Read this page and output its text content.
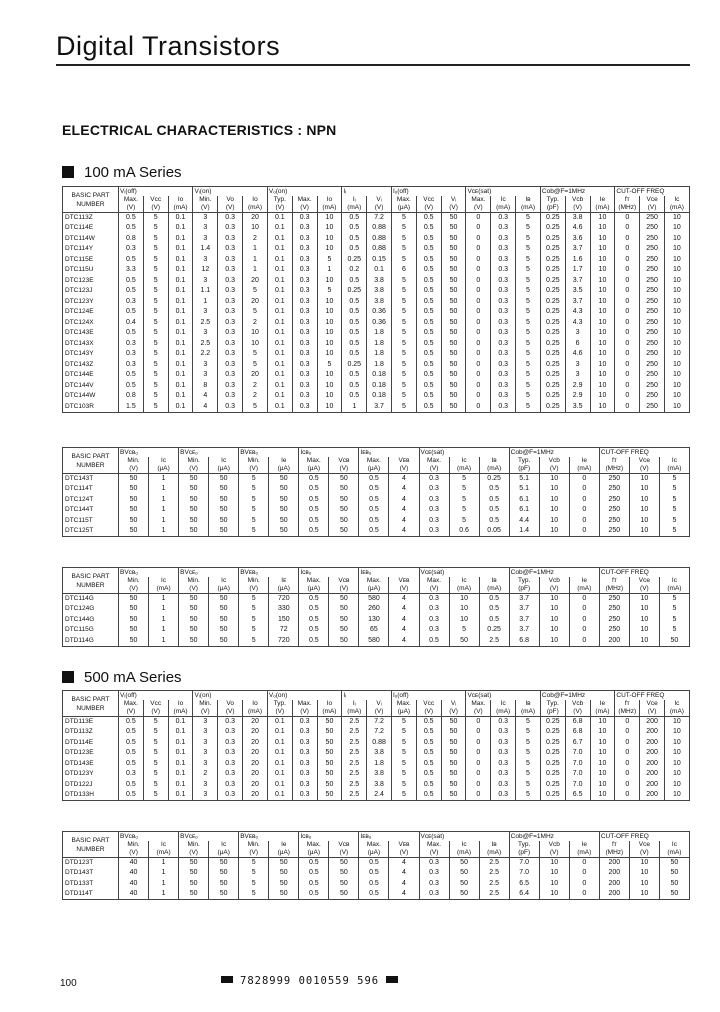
Digital Transistors
ELECTRICAL CHARACTERISTICS : NPN
100 mA Series
500 mA Series
BASIC PART NUMBER	Vᵢ(off)			Vᵢ(on)			Vₒ(on)			Iᵢ		Iₒ(off)			Vᴄᴇ(sat)			Cob@F=1MHz			CUT-OFF FREQ			
	Max.	Vcc	Io	Min.	Vo	Io	Typ.	Max.	Io	Iᵢ	Vᵢ	Max.	Vcc	Vᵢ	Max.	Ic	Iʙ	Typ.	Vcb	Ie	fᴛ	Vce	Ic	
	(V)	(V)	(mA)	(V)	(V)	(mA)	(V)	(V)	(mA)	(mA)	(V)	(μA)	(V)	(V)	(V)	(mA)	(mA)	(pF)	(V)	(mA)	(MHz)	(V)	(mA)	
DTC113Z	0.5	5	0.1	3	0.3	20	0.1	0.3	10	0.5	7.2	5	0.5	50	0	0.3	5	0.25	3.8	10	0	250	10	
DTC114E	0.5	5	0.1	3	0.3	10	0.1	0.3	10	0.5	0.88	5	0.5	50	0	0.3	5	0.25	4.6	10	0	250	10	
DTC114W	0.8	5	0.1	3	0.3	2	0.1	0.3	10	0.5	0.88	5	0.5	50	0	0.3	5	0.25	3.6	10	0	250	10	
DTC114Y	0.3	5	0.1	1.4	0.3	1	0.1	0.3	10	0.5	0.88	5	0.5	50	0	0.3	5	0.25	3.7	10	0	250	10	
DTC115E	0.5	5	0.1	3	0.3	1	0.1	0.3	5	0.25	0.15	5	0.5	50	0	0.3	5	0.25	1.6	10	0	250	10	
DTC115U	3.3	5	0.1	12	0.3	1	0.1	0.3	1	0.2	0.1	6	0.5	50	0	0.3	5	0.25	1.7	10	0	250	10	
DTC123E	0.5	5	0.1	3	0.3	20	0.1	0.3	10	0.5	3.8	5	0.5	50	0	0.3	5	0.25	3.7	10	0	250	10	
DTC123J	0.5	5	0.1	1.1	0.3	5	0.1	0.3	5	0.25	3.8	5	0.5	50	0	0.3	5	0.25	3.5	10	0	250	10	
DTC123Y	0.3	5	0.1	1	0.3	20	0.1	0.3	10	0.5	3.8	5	0.5	50	0	0.3	5	0.25	3.7	10	0	250	10	
DTC124E	0.5	5	0.1	3	0.3	5	0.1	0.3	10	0.5	0.36	5	0.5	50	0	0.3	5	0.25	4.3	10	0	250	10	
DTC124X	0.4	5	0.1	2.5	0.3	2	0.1	0.3	10	0.5	0.36	5	0.5	50	0	0.3	5	0.25	4.3	10	0	250	10	
DTC143E	0.5	5	0.1	3	0.3	10	0.1	0.3	10	0.5	1.8	5	0.5	50	0	0.3	5	0.25	3	10	0	250	10	
DTC143X	0.3	5	0.1	2.5	0.3	10	0.1	0.3	10	0.5	1.8	5	0.5	50	0	0.3	5	0.25	6	10	0	250	10	
DTC143Y	0.3	5	0.1	2.2	0.3	5	0.1	0.3	10	0.5	1.8	5	0.5	50	0	0.3	5	0.25	4.6	10	0	250	10	
DTC143Z	0.3	5	0.1	3	0.3	5	0.1	0.3	5	0.25	1.8	5	0.5	50	0	0.3	5	0.25	3	10	0	250	10	
DTC144E	0.5	5	0.1	3	0.3	20	0.1	0.3	10	0.5	0.18	5	0.5	50	0	0.3	5	0.25	3	10	0	250	10	
DTC144V	0.5	5	0.1	8	0.3	2	0.1	0.3	10	0.5	0.18	5	0.5	50	0	0.3	5	0.25	2.9	10	0	250	10	
DTC144W	0.8	5	0.1	4	0.3	2	0.1	0.3	10	0.5	0.18	5	0.5	50	0	0.3	5	0.25	2.9	10	0	250	10	
DTC103R	1.5	5	0.1	4	0.3	5	0.1	0.3	10	1	3.7	5	0.5	50	0	0.3	5	0.25	3.5	10	0	250	10	
BASIC PART NUMBER	BVᴄʙₒ		BVᴄᴇₒ		BVᴇʙₒ		Iᴄʙₒ		Iᴇʙₒ		Vᴄᴇ(sat)			Cob@F=1MHz			CUT-OFF FREQ		
	Min.	Ic	Min.	Ic	Min.	Ie	Max.	Vᴄʙ	Max.	Vᴇʙ	Max.	Ic	Iʙ	Typ.	Vcb	Ie	fᴛ	Vce	Ic
	(V)	(μA)	(V)	(μA)	(V)	(μA)	(μA)	(V)	(μA)	(V)	(V)	(mA)	(mA)	(pF)	(V)	(mA)	(MHz)	(V)	(mA)
DTC143T	50	1	50	50	5	50	0.5	50	0.5	4	0.3	5	0.25	5.1	10	0	250	10	5
DTC114T	50	1	50	50	5	50	0.5	50	0.5	4	0.3	5	0.5	5.1	10	0	250	10	5
DTC124T	50	1	50	50	5	50	0.5	50	0.5	4	0.3	5	0.5	6.1	10	0	250	10	5
DTC144T	50	1	50	50	5	50	0.5	50	0.5	4	0.3	5	0.5	6.1	10	0	250	10	5
DTC115T	50	1	50	50	5	50	0.5	50	0.5	4	0.3	5	0.5	4.4	10	0	250	10	5
DTC125T	50	1	50	50	5	50	0.5	50	0.5	4	0.3	0.6	0.05	1.4	10	0	250	10	5
BASIC PART NUMBER	BVᴄʙₒ		BVᴄᴇₒ		BVᴇʙₒ		Iᴄʙₒ		Iᴇʙₒ		Vᴄᴇ(sat)			Cob@F=1MHz			CUT-OFF FREQ		
	Min.	Ic	Min.	Ic	Min.	Iᴇ	Max.	Vᴄʙ	Max.	Vᴇʙ	Max.	Ic	Iʙ	Typ.	Vcb	Ie	fᴛ	Vce	Ic
	(V)	(mA)	(V)	(μA)	(V)	(μA)	(μA)	(V)	(μA)	(V)	(V)	(mA)	(mA)	(pF)	(V)	(mA)	(MHz)	(V)	(mA)
DTC114G	50	1	50	50	5	720	0.5	50	580	4	0.3	10	0.5	3.7	10	0	250	10	5
DTC124G	50	1	50	50	5	330	0.5	50	260	4	0.3	10	0.5	3.7	10	0	250	10	5
DTC144G	50	1	50	50	5	150	0.5	50	130	4	0.3	10	0.5	3.7	10	0	250	10	5
DTC115G	50	1	50	50	5	72	0.5	50	65	4	0.3	5	0.25	3.7	10	0	250	10	5
DTD114G	50	1	50	50	5	720	0.5	50	580	4	0.5	50	2.5	6.8	10	0	200	10	50
BASIC PART NUMBER	Vᵢ(off)			Vᵢ(on)			Vₒ(on)			Iᵢ		Iₒ(off)			Vᴄᴇ(sat)			Cob@F=1MHz			CUT-OFF FREQ			
	Max.	Vcc	Io	Min.	Vo	Io	Typ.	Max.	Io	Iᵢ	Vᵢ	Max.	Vcc	Vᵢ	Max.	Ic	Iʙ	Typ.	Vcb	Ie	fᴛ	Vce	Ic	
	(V)	(V)	(mA)	(V)	(V)	(mA)	(V)	(V)	(mA)	(mA)	(V)	(μA)	(V)	(V)	(V)	(mA)	(mA)	(pF)	(V)	(mA)	(MHz)	(V)	(mA)	
DTD113E	0.5	5	0.1	3	0.3	20	0.1	0.3	50	2.5	7.2	5	0.5	50	0	0.3	5	0.25	6.8	10	0	200	10	
DTD113Z	0.5	5	0.1	3	0.3	20	0.1	0.3	50	2.5	7.2	5	0.5	50	0	0.3	5	0.25	6.8	10	0	200	10	
DTD114E	0.5	5	0.1	3	0.3	20	0.1	0.3	50	2.5	0.88	5	0.5	50	0	0.3	5	0.25	6.7	10	0	200	10	
DTD123E	0.5	5	0.1	3	0.3	20	0.1	0.3	50	2.5	3.8	5	0.5	50	0	0.3	5	0.25	7.0	10	0	200	10	
DTD143E	0.5	5	0.1	3	0.3	20	0.1	0.3	50	2.5	1.8	5	0.5	50	0	0.3	5	0.25	7.0	10	0	200	10	
DTD123Y	0.3	5	0.1	2	0.3	20	0.1	0.3	50	2.5	3.8	5	0.5	50	0	0.3	5	0.25	7.0	10	0	200	10	
DTD122J	0.5	5	0.1	3	0.3	20	0.1	0.3	50	2.5	3.8	5	0.5	50	0	0.3	5	0.25	7.0	10	0	200	10	
DTD133H	0.5	5	0.1	3	0.3	20	0.1	0.3	50	2.5	2.4	5	0.5	50	0	0.3	5	0.25	6.5	10	0	200	10	
BASIC PART NUMBER	BVᴄʙₒ		BVᴄᴇₒ		BVᴇʙₒ		Iᴄʙₒ		Iᴇʙₒ		Vᴄᴇ(sat)			Cob@F=1MHz			CUT-OFF FREQ		
	Min.	Ic	Min.	Ic	Min.	Ie	Max.	Vᴄʙ	Max.	Vᴇʙ	Max.	Ic	Iʙ	Typ.	Vcb	Ie	fᴛ	Vce	Ic
	(V)	(mA)	(V)	(μA)	(V)	(μA)	(μA)	(V)	(μA)	(V)	(V)	(mA)	(mA)	(pF)	(V)	(mA)	(MHz)	(V)	(mA)
DTD123T	40	1	50	50	5	50	0.5	50	0.5	4	0.3	50	2.5	7.0	10	0	200	10	50
DTD143T	40	1	50	50	5	50	0.5	50	0.5	4	0.3	50	2.5	7.0	10	0	200	10	50
DTD133T	40	1	50	50	5	50	0.5	50	0.5	4	0.3	50	2.5	6.5	10	0	200	10	50
DTD114T	40	1	50	50	5	50	0.5	50	0.5	4	0.3	50	2.5	6.4	10	0	200	10	50
100	7828999 0010559 596
